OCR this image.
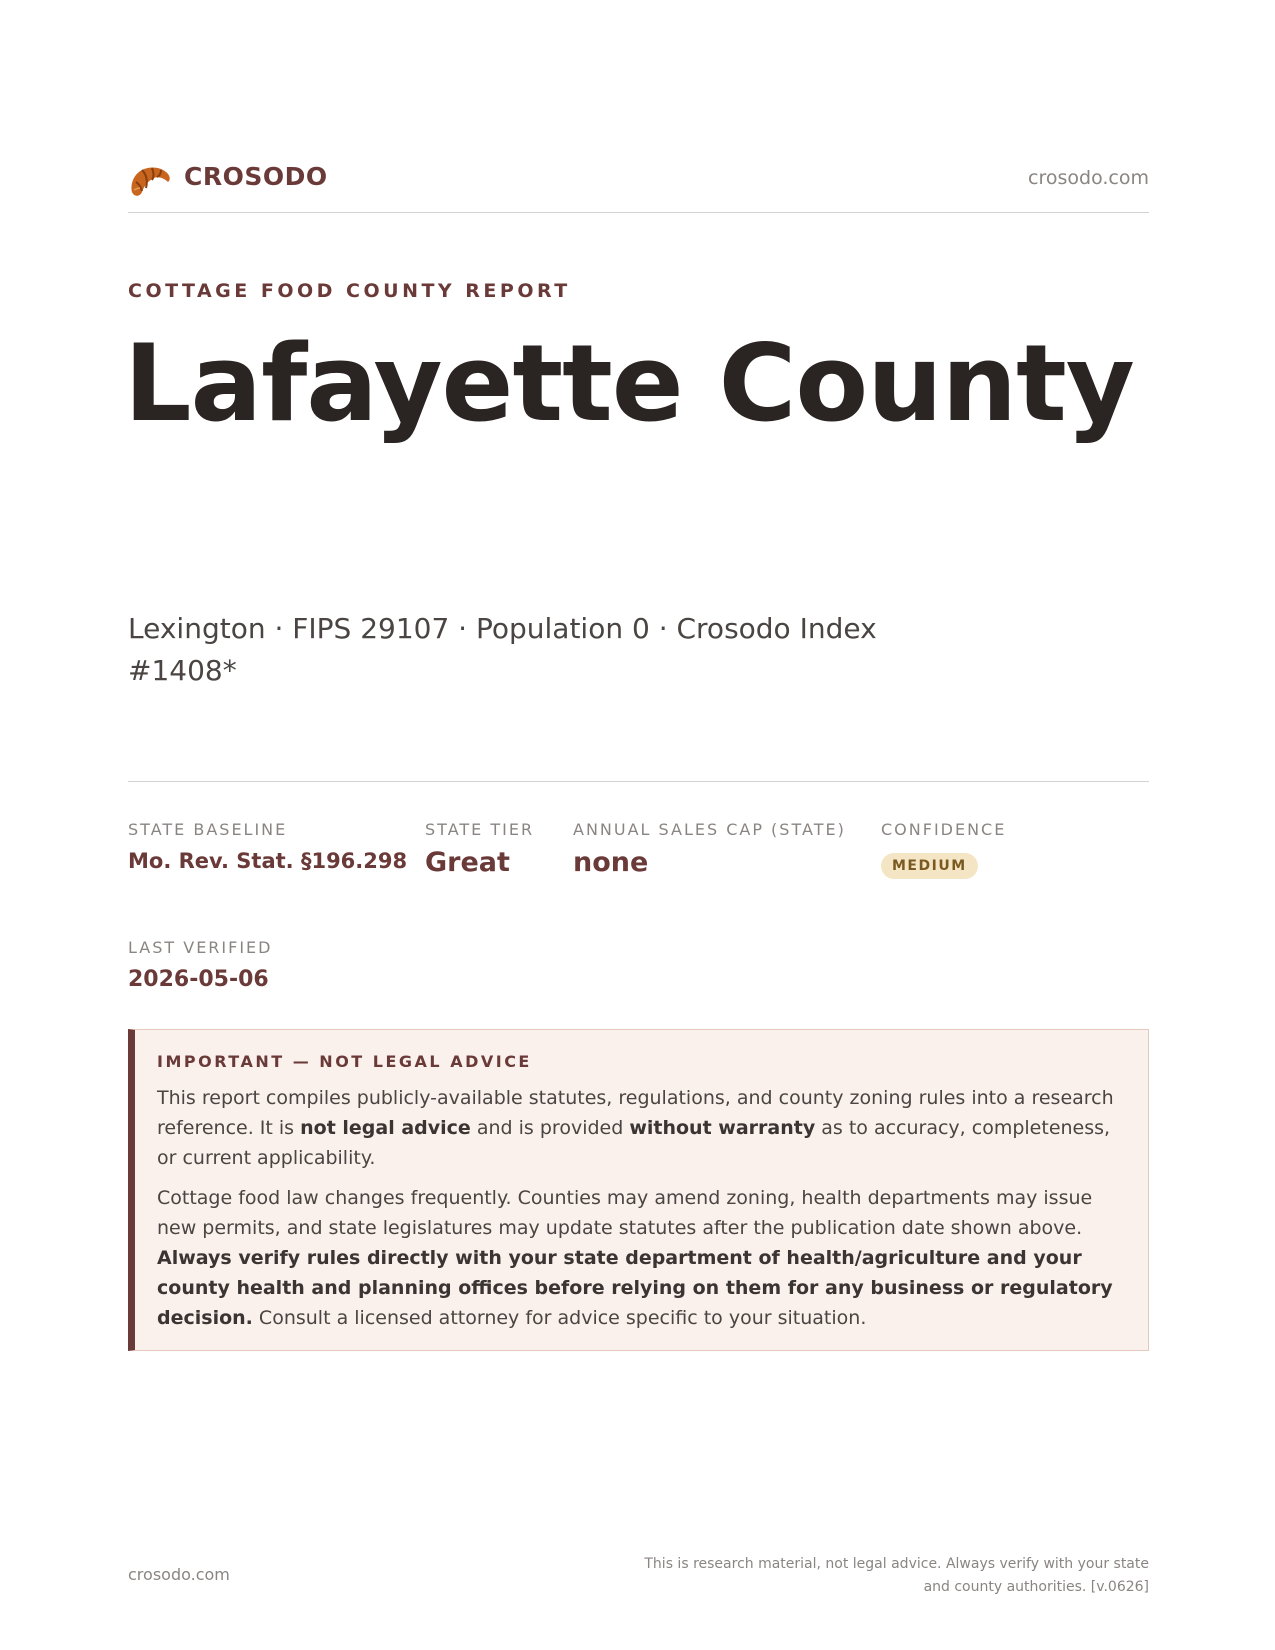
CROSODO	crosodo.com
COTTAGE FOOD COUNTY REPORT
Lafayette County
Lexington · FIPS 29107 · Population 0 · Crosodo Index #1408*
STATE BASELINE
Mo. Rev. Stat. §196.298
STATE TIER
Great
ANNUAL SALES CAP (STATE)
none
CONFIDENCE
MEDIUM
LAST VERIFIED
2026-05-06
IMPORTANT — NOT LEGAL ADVICE

This report compiles publicly-available statutes, regulations, and county zoning rules into a research reference. It is not legal advice and is provided without warranty as to accuracy, completeness, or current applicability.

Cottage food law changes frequently. Counties may amend zoning, health departments may issue new permits, and state legislatures may update statutes after the publication date shown above. Always verify rules directly with your state department of health/agriculture and your county health and planning offices before relying on them for any business or regulatory decision. Consult a licensed attorney for advice specific to your situation.

crosodo.com
This is research material, not legal advice. Always verify with your state and county authorities. [v.0626]
